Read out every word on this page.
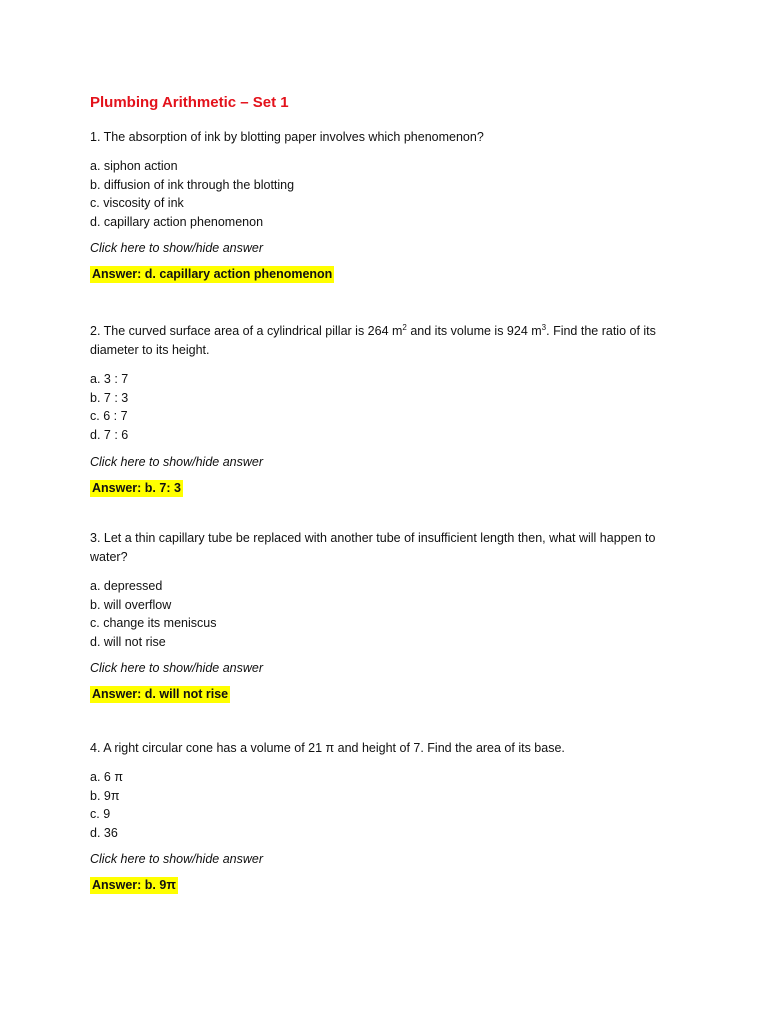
Plumbing Arithmetic – Set 1

1. The absorption of ink by blotting paper involves which phenomenon?

a. siphon action
b. diffusion of ink through the blotting
c. viscosity of ink
d. capillary action phenomenon
Click here to show/hide answer
Answer: d. capillary action phenomenon

2. The curved surface area of a cylindrical pillar is 264 $m^2$ and its volume is 924 $m^3$. Find the ratio of its diameter to its height.

a. 3 : 7
b. 7 : 3
c. 6 : 7
d. 7 : 6
Click here to show/hide answer
Answer: b. 7: 3

3. Let a thin capillary tube be replaced with another tube of insufficient length then, what will happen to water?

a. depressed
b. will overflow
c. change its meniscus
d. will not rise
Click here to show/hide answer
Answer: d. will not rise

4. A right circular cone has a volume of 21 π and height of 7. Find the area of its base.

a. 6 π
b. 9π
c. 9
d. 36
Click here to show/hide answer
Answer: b. 9π
